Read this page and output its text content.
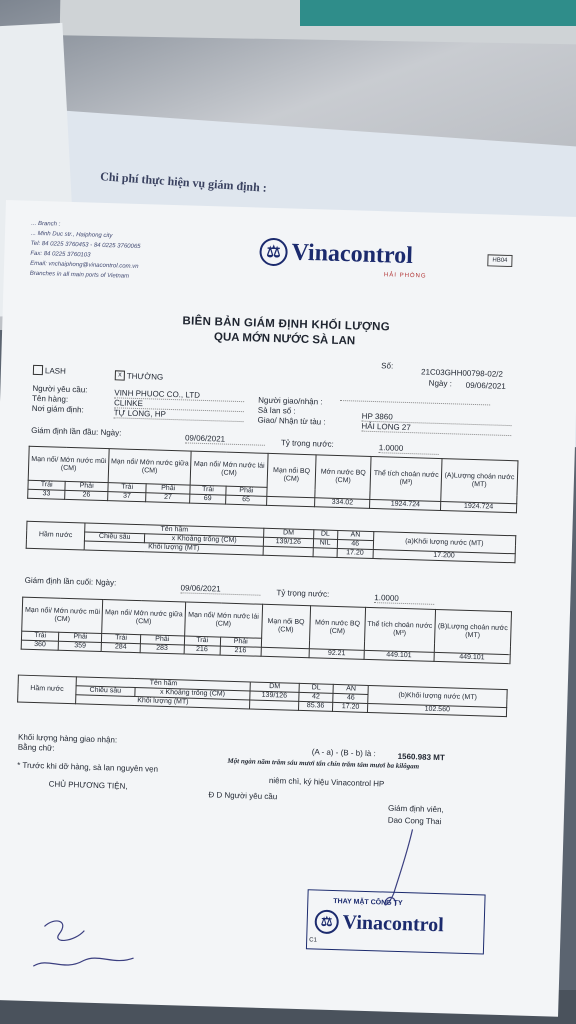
Chi phí thực hiện vụ giám định :
... Branch :
... Minh Duc str., Haiphong city
Tel: 84 0225 3760453 - 84 0225 3760065
Fax: 84 0225 3760103
Email: vnchaiphong@vinacontrol.com.vn
Branches in all main ports of Vietnam
⚖ Vinacontrol
HẢI PHÒNG
HB04
BIÊN BẢN GIÁM ĐỊNH KHỐI LƯỢNG
QUA MỚN NƯỚC SÀ LAN
Số:
21C03GHH00798-02/2
Ngày : 09/06/2021
LASH	x THƯỜNG
Người yêu cầu:	VINH PHUOC CO., LTD
Tên hàng:	CLINKE
Nơi giám định:	TỰ LONG, HP
Người giao/nhận :
Sà lan số :
HP 3860
Giao/ Nhận từ tàu :
HẢI LONG 27
Giám định lần đầu: Ngày:
09/06/2021	Tỷ trọng nước:	1.0000
Mạn nổi/ Mớn nước mũi (CM)		Mạn nổi/ Mớn nước giữa (CM)		Mạn nổi/ Mớn nước lái (CM)		Mạn nổi BQ (CM)	Mớn nước BQ (CM)	Thể tích choán nước (M³)	(A)Lượng choán nước (MT)
Trái	Phải	Trái	Phải	Trái	Phải				
33	26	37	27	69	65		334.02	1924.724	1924.724
Hầm nước	Tên hầm		DM	DL	AN	(a)Khối lượng nước (MT)
	Chiều sâu	x Khoảng trống (CM)	139/126	NIL	46	
	Khối lượng (MT)				17.20	17.200
Giám định lần cuối: Ngày:
09/06/2021	Tỷ trọng nước:	1.0000
Mạn nổi/ Mớn nước mũi (CM)		Mạn nổi/ Mớn nước giữa (CM)		Mạn nổi/ Mớn nước lái (CM)		Mạn nổi BQ (CM)	Mớn nước BQ (CM)	Thể tích choán nước (M³)	(B)Lượng choán nước (MT)
Trái	Phải	Trái	Phải	Trái	Phải				
360	359	284	283	216	216		92.21	449.101	449.101
Hầm nước	Tên hầm		DM	DL	AN	(b)Khối lượng nước (MT)
	Chiều sâu	x Khoảng trống (CM)	139/126	42	46	
	Khối lượng (MT)			85.36	17.20	102.560
Khối lượng hàng giao nhận:
(A - a) - (B - b) là :	1560.983 MT
Bằng chữ:
Một ngàn năm trăm sáu mươi tấn chín trăm tám mươi ba kilôgam
* Trước khi dỡ hàng, sà lan nguyên vẹn
niêm chì, ký hiệu Vinacontrol HP
CHỦ PHƯƠNG TIỆN,
Đ D Người yêu cầu
Giám định viên,
Dao Cong Thai
THAY MẶT CÔNG TY
⚖ Vinacontrol
C1
